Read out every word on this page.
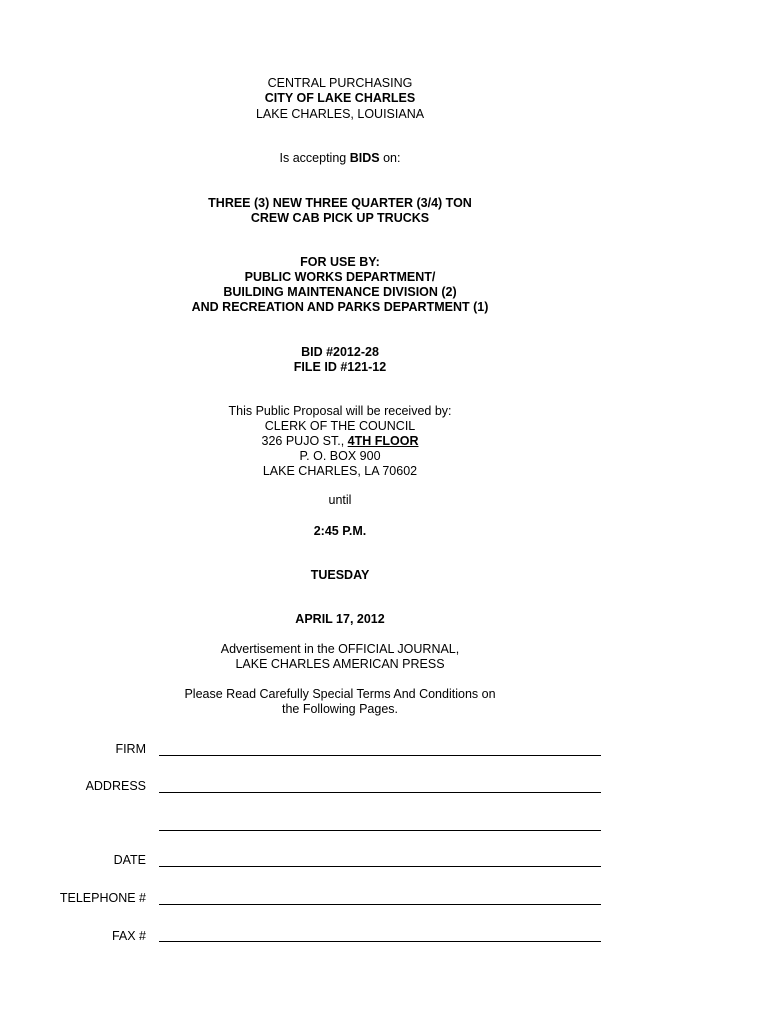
CENTRAL PURCHASING
CITY OF LAKE CHARLES
LAKE CHARLES, LOUISIANA
Is accepting BIDS on:
THREE (3) NEW THREE QUARTER (3/4) TON
CREW CAB PICK UP TRUCKS
FOR USE BY:
PUBLIC WORKS DEPARTMENT/
BUILDING MAINTENANCE DIVISION (2)
AND RECREATION AND PARKS DEPARTMENT (1)
BID #2012-28
FILE ID #121-12
This Public Proposal will be received by:
CLERK OF THE COUNCIL
326 PUJO ST., 4TH FLOOR
P. O. BOX 900
LAKE CHARLES, LA 70602
until
2:45 P.M.
TUESDAY
APRIL 17, 2012
Advertisement in the OFFICIAL JOURNAL,
LAKE CHARLES AMERICAN PRESS
Please Read Carefully Special Terms And Conditions on
the Following Pages.
FIRM
ADDRESS
DATE
TELEPHONE #
FAX #
